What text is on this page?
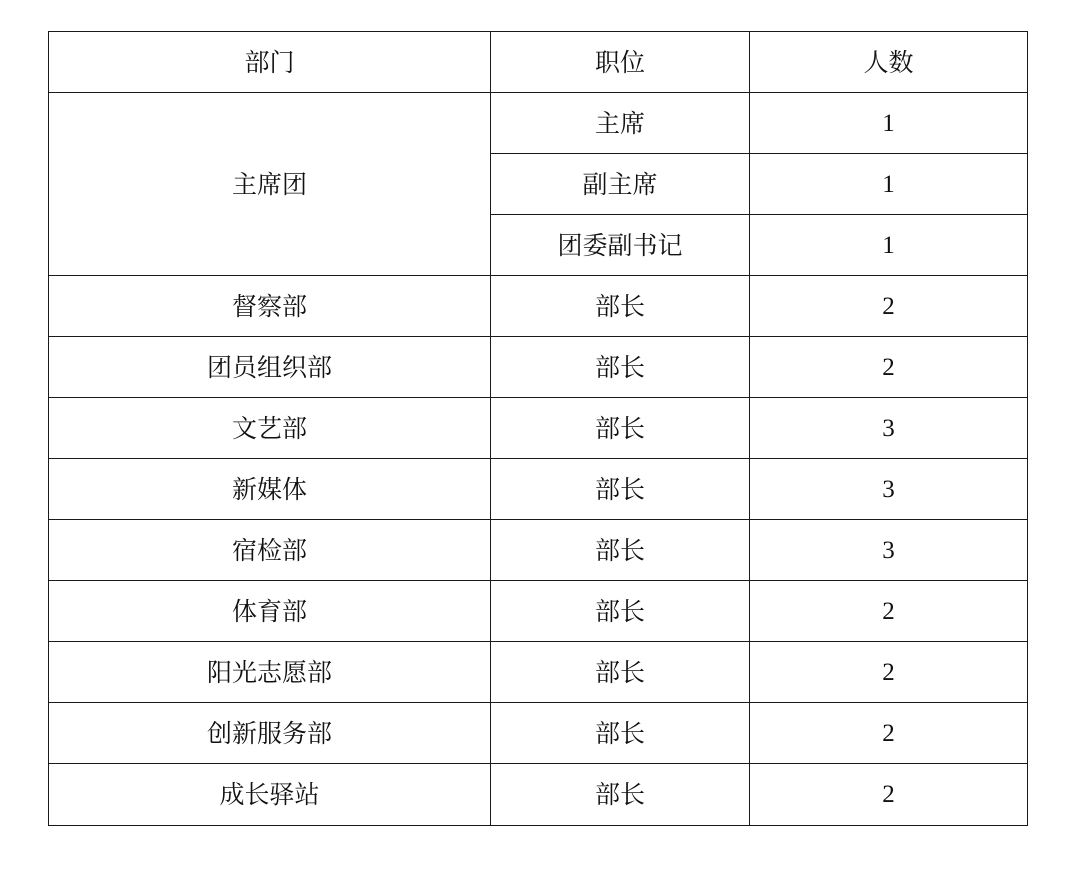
部门	职位	人数
主席团	主席	1
	副主席	1
	团委副书记	1
督察部	部长	2
团员组织部	部长	2
文艺部	部长	3
新媒体	部长	3
宿检部	部长	3
体育部	部长	2
阳光志愿部	部长	2
创新服务部	部长	2
成长驿站	部长	2
